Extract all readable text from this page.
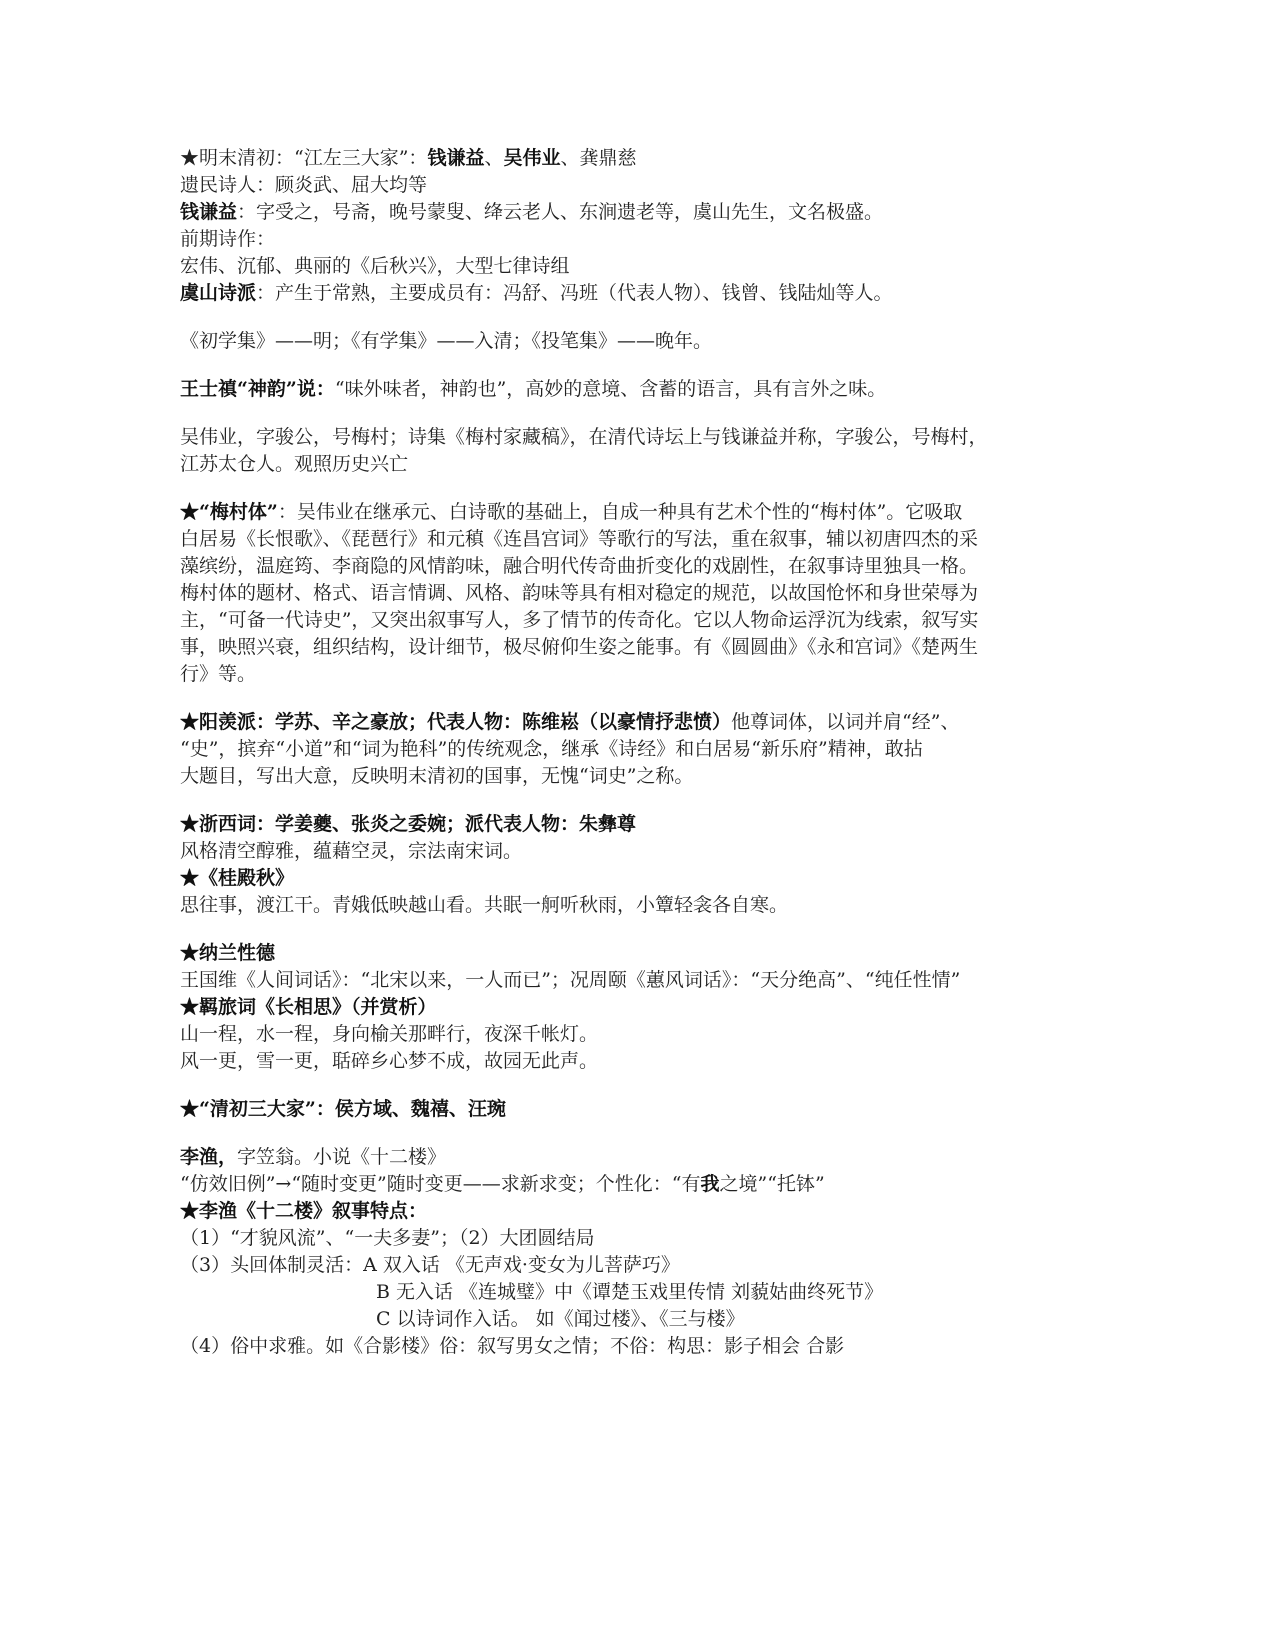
★明末清初：“江左三大家”：钱谦益、吴伟业、龚鼎慈
遗民诗人：顾炎武、屈大均等
钱谦益：字受之，号斋，晚号蒙叟、绛云老人、东涧遗老等，虞山先生，文名极盛。
前期诗作：
宏伟、沉郁、典丽的《后秋兴》，大型七律诗组
虞山诗派：产生于常熟，主要成员有：冯舒、冯班（代表人物）、钱曾、钱陆灿等人。
《初学集》——明；《有学集》——入清；《投笔集》——晚年。
王士禛“神韵”说：“味外味者，神韵也”，高妙的意境、含蓄的语言，具有言外之味。
吴伟业，字骏公，号梅村；诗集《梅村家藏稿》，在清代诗坛上与钱谦益并称，字骏公，号梅村，
江苏太仓人。观照历史兴亡
★“梅村体”：吴伟业在继承元、白诗歌的基础上，自成一种具有艺术个性的“梅村体”。它吸取
白居易《长恨歌》、《琵琶行》和元稹《连昌宫词》等歌行的写法，重在叙事，辅以初唐四杰的采
藻缤纷，温庭筠、李商隐的风情韵味，融合明代传奇曲折变化的戏剧性，在叙事诗里独具一格。
梅村体的题材、格式、语言情调、风格、韵味等具有相对稳定的规范，以故国怆怀和身世荣辱为
主，“可备一代诗史”，又突出叙事写人，多了情节的传奇化。它以人物命运浮沉为线索，叙写实
事，映照兴衰，组织结构，设计细节，极尽俯仰生姿之能事。有《圆圆曲》《永和宫词》《楚两生
行》等。
★阳羡派：学苏、辛之豪放；代表人物：陈维崧（以豪情抒悲愤）他尊词体，以词并肩“经”、
“史”，摈弃“小道”和“词为艳科”的传统观念，继承《诗经》和白居易“新乐府”精神，敢拈
大题目，写出大意，反映明末清初的国事，无愧“词史”之称。
★浙西词：学姜夔、张炎之委婉；派代表人物：朱彝尊
风格清空醇雅，蕴藉空灵，宗法南宋词。
★《桂殿秋》
思往事，渡江干。青娥低映越山看。共眠一舸听秋雨，小簟轻衾各自寒。
★纳兰性德
王国维《人间词话》：“北宋以来，一人而已”；况周颐《蕙风词话》：“天分绝高”、“纯任性情”
★羁旅词《长相思》（并赏析）
山一程，水一程，身向榆关那畔行，夜深千帐灯。
风一更，雪一更，聒碎乡心梦不成，故园无此声。
★“清初三大家”：侯方域、魏禧、汪琬
李渔，字笠翁。小说《十二楼》
“仿效旧例”→“随时变更”随时变更——求新求变；个性化：“有我之境”“托钵”
★李渔《十二楼》叙事特点：
（1）“才貌风流”、“一夫多妻”；（2）大团圆结局
（3）头回体制灵活：A 双入话 《无声戏·变女为儿菩萨巧》
B 无入话 《连城璧》中《谭楚玉戏里传情 刘藐姑曲终死节》
C 以诗词作入话。 如《闻过楼》、《三与楼》
（4）俗中求雅。如《合影楼》俗：叙写男女之情；不俗：构思：影子相会 合影
